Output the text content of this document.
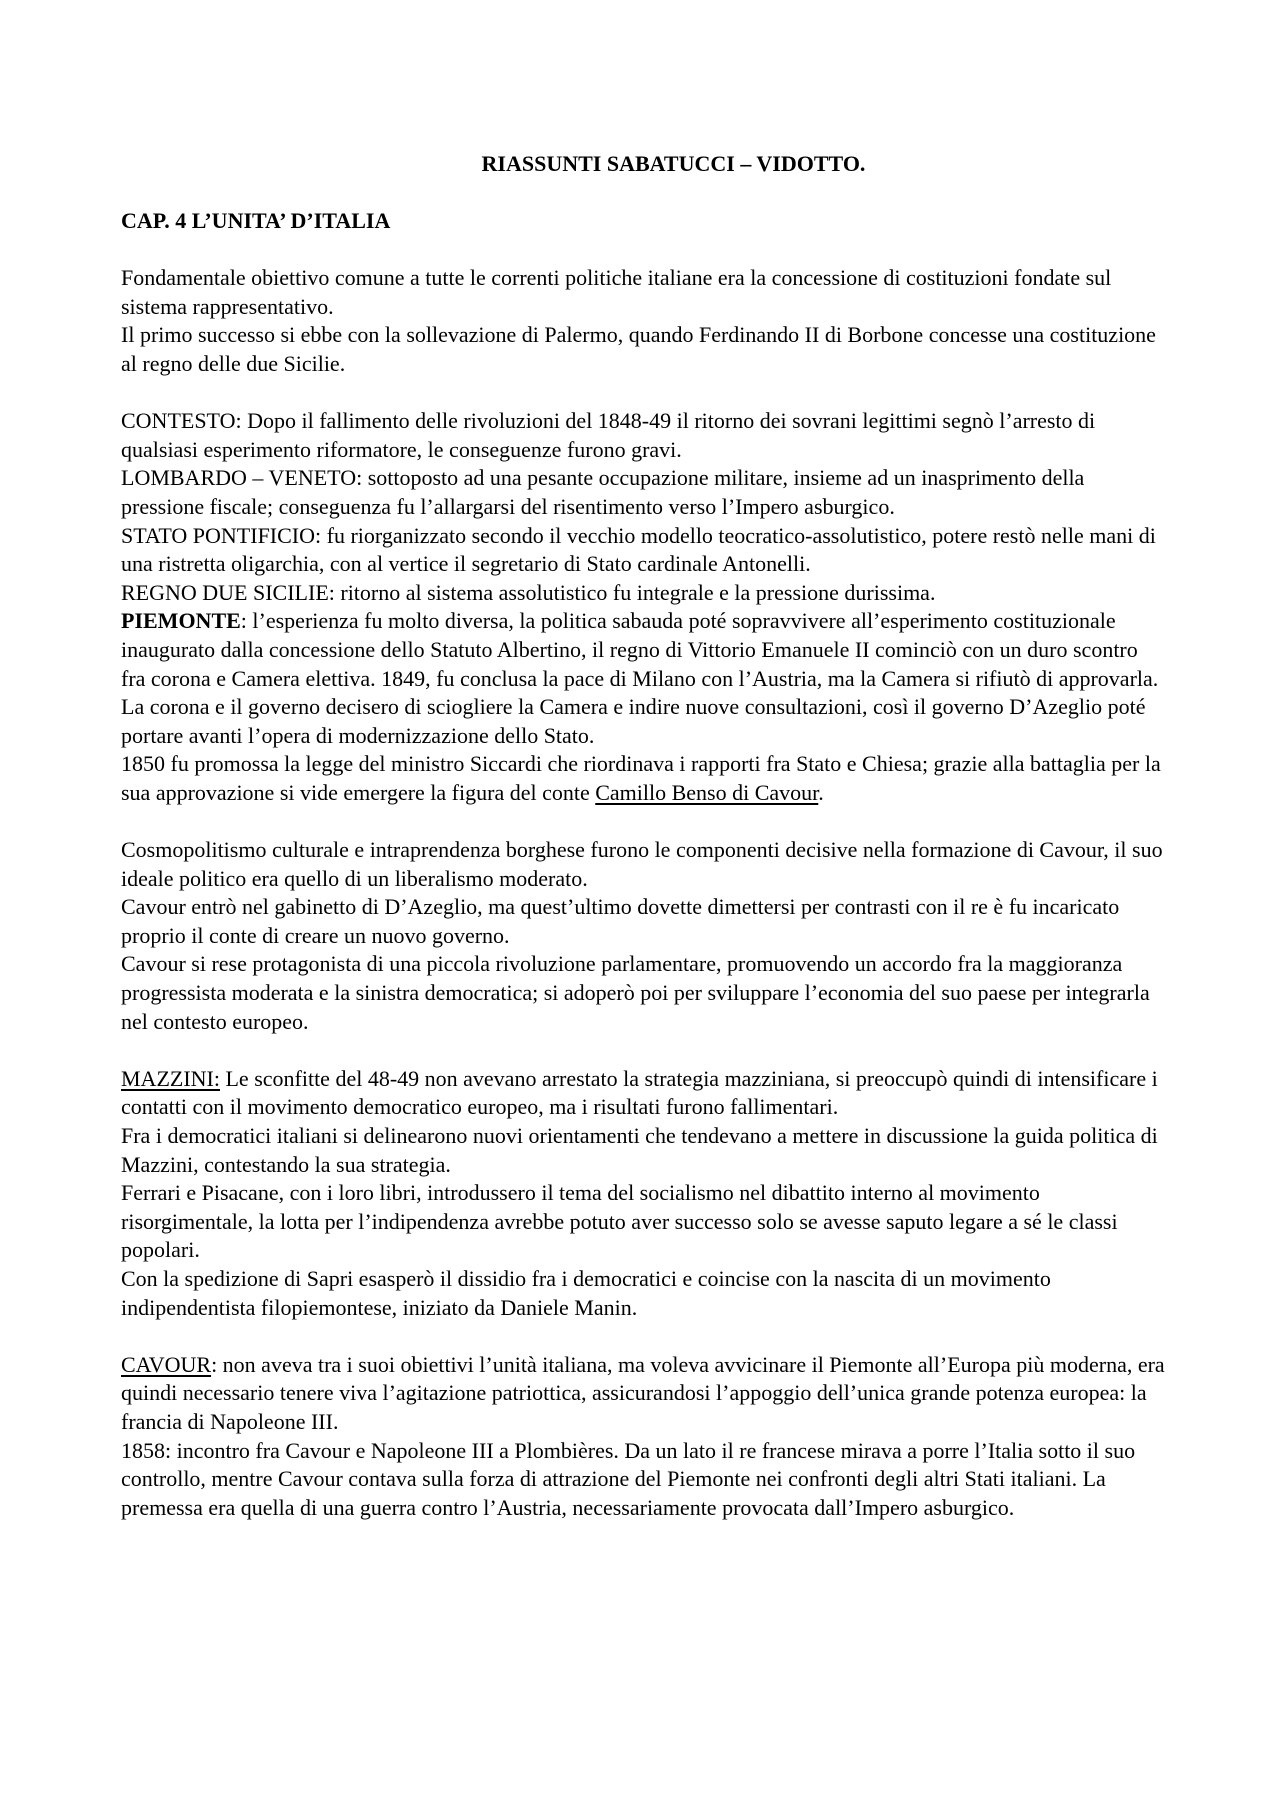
RIASSUNTI SABATUCCI – VIDOTTO.
CAP. 4 L’UNITA’ D’ITALIA

Fondamentale obiettivo comune a tutte le correnti politiche italiane era la concessione di costituzioni fondate sul sistema rappresentativo.

Il primo successo si ebbe con la sollevazione di Palermo, quando Ferdinando II di Borbone concesse una costituzione al regno delle due Sicilie.

CONTESTO: Dopo il fallimento delle rivoluzioni del 1848-49 il ritorno dei sovrani legittimi segnò l’arresto di qualsiasi esperimento riformatore, le conseguenze furono gravi.

LOMBARDO – VENETO: sottoposto ad una pesante occupazione militare, insieme ad un inasprimento della pressione fiscale; conseguenza fu l’allargarsi del risentimento verso l’Impero asburgico.

STATO PONTIFICIO: fu riorganizzato secondo il vecchio modello teocratico-assolutistico, potere restò nelle mani di una ristretta oligarchia, con al vertice il segretario di Stato cardinale Antonelli.

REGNO DUE SICILIE: ritorno al sistema assolutistico fu integrale e la pressione durissima.

PIEMONTE: l’esperienza fu molto diversa, la politica sabauda poté sopravvivere all’esperimento costituzionale inaugurato dalla concessione dello Statuto Albertino, il regno di Vittorio Emanuele II cominciò con un duro scontro fra corona e Camera elettiva. 1849, fu conclusa la pace di Milano con l’Austria, ma la Camera si rifiutò di approvarla. La corona e il governo decisero di sciogliere la Camera e indire nuove consultazioni, così il governo D’Azeglio poté portare avanti l’opera di modernizzazione dello Stato.

1850 fu promossa la legge del ministro Siccardi che riordinava i rapporti fra Stato e Chiesa; grazie alla battaglia per la sua approvazione si vide emergere la figura del conte Camillo Benso di Cavour.

Cosmopolitismo culturale e intraprendenza borghese furono le componenti decisive nella formazione di Cavour, il suo ideale politico era quello di un liberalismo moderato.

Cavour entrò nel gabinetto di D’Azeglio, ma quest’ultimo dovette dimettersi per contrasti con il re è fu incaricato proprio il conte di creare un nuovo governo.

Cavour si rese protagonista di una piccola rivoluzione parlamentare, promuovendo un accordo fra la maggioranza progressista moderata e la sinistra democratica; si adoperò poi per sviluppare l’economia del suo paese per integrarla nel contesto europeo.

MAZZINI: Le sconfitte del 48-49 non avevano arrestato la strategia mazziniana, si preoccupò quindi di intensificare i contatti con il movimento democratico europeo, ma i risultati furono fallimentari.

Fra i democratici italiani si delinearono nuovi orientamenti che tendevano a mettere in discussione la guida politica di Mazzini, contestando la sua strategia.

Ferrari e Pisacane, con i loro libri, introdussero il tema del socialismo nel dibattito interno al movimento risorgimentale, la lotta per l’indipendenza avrebbe potuto aver successo solo se avesse saputo legare a sé le classi popolari.

Con la spedizione di Sapri esasperò il dissidio fra i democratici e coincise con la nascita di un movimento indipendentista filopiemontese, iniziato da Daniele Manin.

CAVOUR: non aveva tra i suoi obiettivi l’unità italiana, ma voleva avvicinare il Piemonte all’Europa più moderna, era quindi necessario tenere viva l’agitazione patriottica, assicurandosi l’appoggio dell’unica grande potenza europea: la francia di Napoleone III.

1858: incontro fra Cavour e Napoleone III a Plombières. Da un lato il re francese mirava a porre l’Italia sotto il suo controllo, mentre Cavour contava sulla forza di attrazione del Piemonte nei confronti degli altri Stati italiani. La premessa era quella di una guerra contro l’Austria, necessariamente provocata dall’Impero asburgico.
